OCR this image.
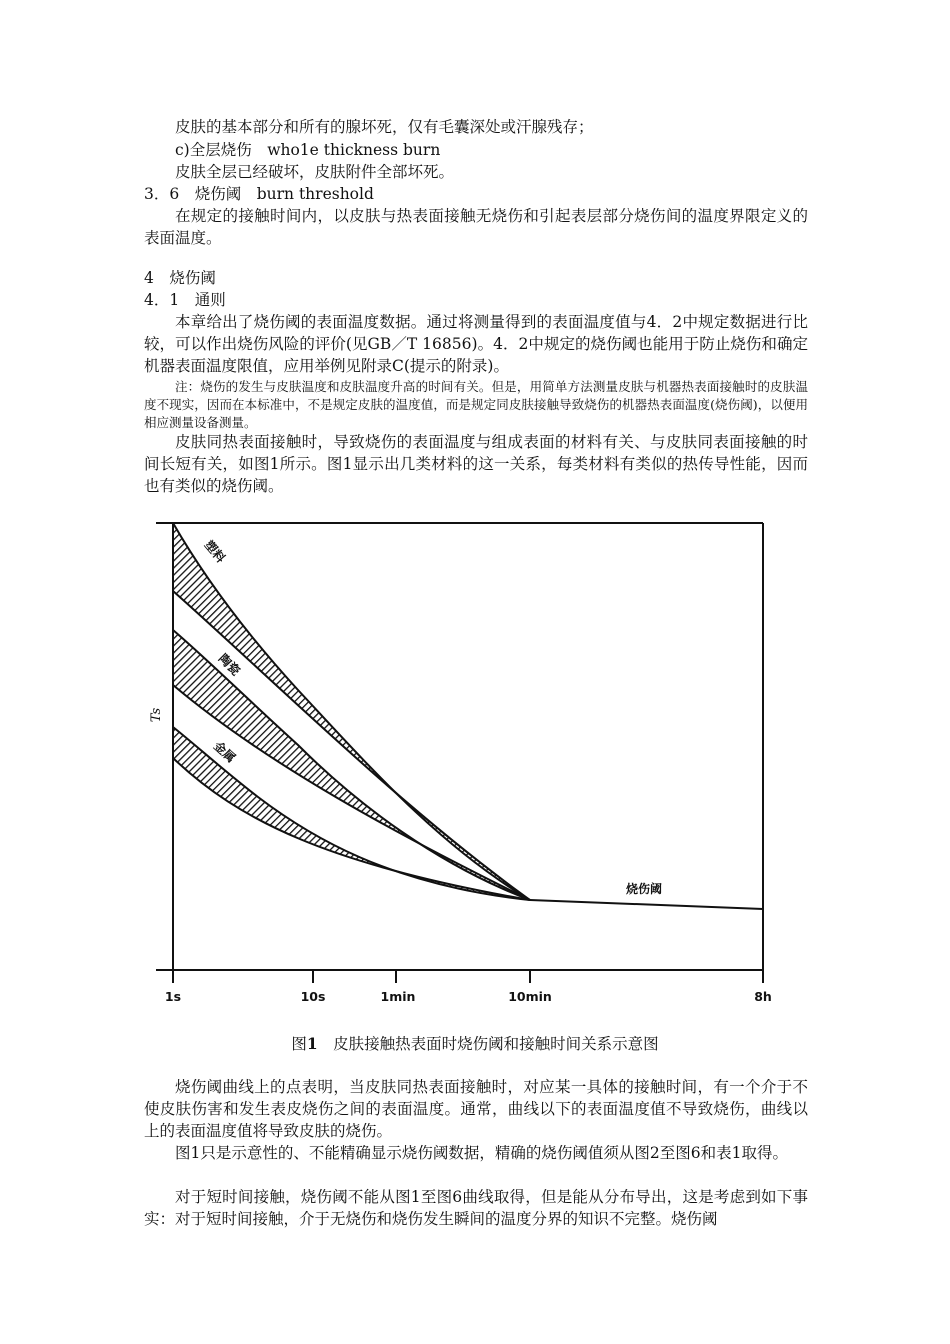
皮肤的基本部分和所有的腺坏死，仅有毛囊深处或汗腺残存；

c)全层烧伤　who1e thickness burn

皮肤全层已经破坏，皮肤附件全部坏死。

3．6　烧伤阈　burn threshold

在规定的接触时间内，以皮肤与热表面接触无烧伤和引起表层部分烧伤间的温度界限定义的表面温度。

4　烧伤阈

4．1　通则

本章给出了烧伤阈的表面温度数据。通过将测量得到的表面温度值与4．2中规定数据进行比较，可以作出烧伤风险的评价(见GB／T 16856)。4．2中规定的烧伤阈也能用于防止烧伤和确定机器表面温度限值，应用举例见附录C(提示的附录)。

注：烧伤的发生与皮肤温度和皮肤温度升高的时间有关。但是，用简单方法测量皮肤与机器热表面接触时的皮肤温度不现实，因而在本标准中，不是规定皮肤的温度值，而是规定同皮肤接触导致烧伤的机器热表面温度(烧伤阈)，以便用相应测量设备测量。

皮肤同热表面接触时，导致烧伤的表面温度与组成表面的材料有关、与皮肤同表面接触的时间长短有关，如图1所示。图1显示出几类材料的这一关系，每类材料有类似的热传导性能，因而也有类似的烧伤阈。

1s	10s	1min	10min	8h
Ts
塑料
陶瓷
金属
烧伤阈
图1　皮肤接触热表面时烧伤阈和接触时间关系示意图

烧伤阈曲线上的点表明，当皮肤同热表面接触时，对应某一具体的接触时间，有一个介于不使皮肤伤害和发生表皮烧伤之间的表面温度。通常，曲线以下的表面温度值不导致烧伤，曲线以上的表面温度值将导致皮肤的烧伤。

图1只是示意性的、不能精确显示烧伤阈数据，精确的烧伤阈值须从图2至图6和表1取得。

对于短时间接触，烧伤阈不能从图1至图6曲线取得，但是能从分布导出，这是考虑到如下事实：对于短时间接触，介于无烧伤和烧伤发生瞬间的温度分界的知识不完整。烧伤阈
